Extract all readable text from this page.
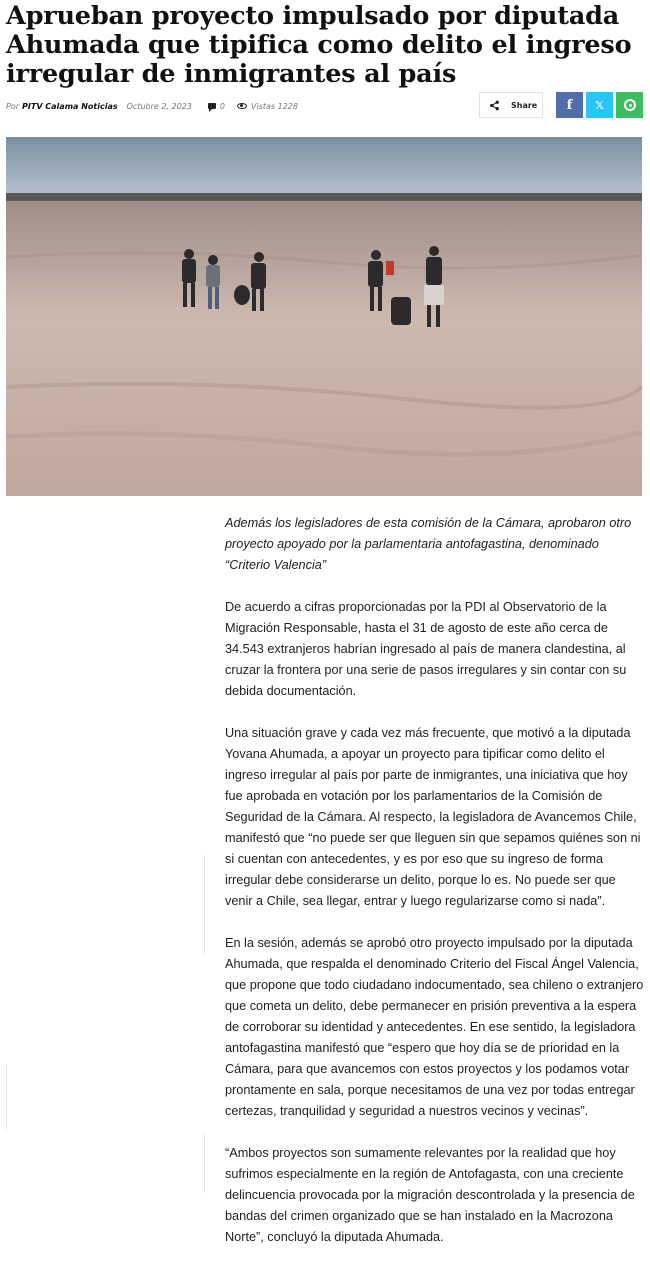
Aprueban proyecto impulsado por diputada Ahumada que tipifica como delito el ingreso irregular de inmigrantes al país
Por PITV Calama Noticias Octubre 2, 2023	0	Vistas 1228	Share f 𝕏

Además los legisladores de esta comisión de la Cámara, aprobaron otro proyecto apoyado por la parlamentaria antofagastina, denominado “Criterio Valencia”

De acuerdo a cifras proporcionadas por la PDI al Observatorio de la Migración Responsable, hasta el 31 de agosto de este año cerca de 34.543 extranjeros habrían ingresado al país de manera clandestina, al cruzar la frontera por una serie de pasos irregulares y sin contar con su debida documentación.

Una situación grave y cada vez más frecuente, que motivó a la diputada Yovana Ahumada, a apoyar un proyecto para tipificar como delito el ingreso irregular al país por parte de inmigrantes, una iniciativa que hoy fue aprobada en votación por los parlamentarios de la Comisión de Seguridad de la Cámara. Al respecto, la legisladora de Avancemos Chile, manifestó que “no puede ser que lleguen sin que sepamos quiénes son ni si cuentan con antecedentes, y es por eso que su ingreso de forma irregular debe considerarse un delito, porque lo es. No puede ser que venir a Chile, sea llegar, entrar y luego regularizarse como si nada”.

En la sesión, además se aprobó otro proyecto impulsado por la diputada Ahumada, que respalda el denominado Criterio del Fiscal Ángel Valencia, que propone que todo ciudadano indocumentado, sea chileno o extranjero que cometa un delito, debe permanecer en prisión preventiva a la espera de corroborar su identidad y antecedentes. En ese sentido, la legisladora antofagastina manifestó que “espero que hoy día se de prioridad en la Cámara, para que avancemos con estos proyectos y los podamos votar prontamente en sala, porque necesitamos de una vez por todas entregar certezas, tranquilidad y seguridad a nuestros vecinos y vecinas”.

“Ambos proyectos son sumamente relevantes por la realidad que hoy sufrimos especialmente en la región de Antofagasta, con una creciente delincuencia provocada por la migración descontrolada y la presencia de bandas del crimen organizado que se han instalado en la Macrozona Norte”, concluyó la diputada Ahumada.
